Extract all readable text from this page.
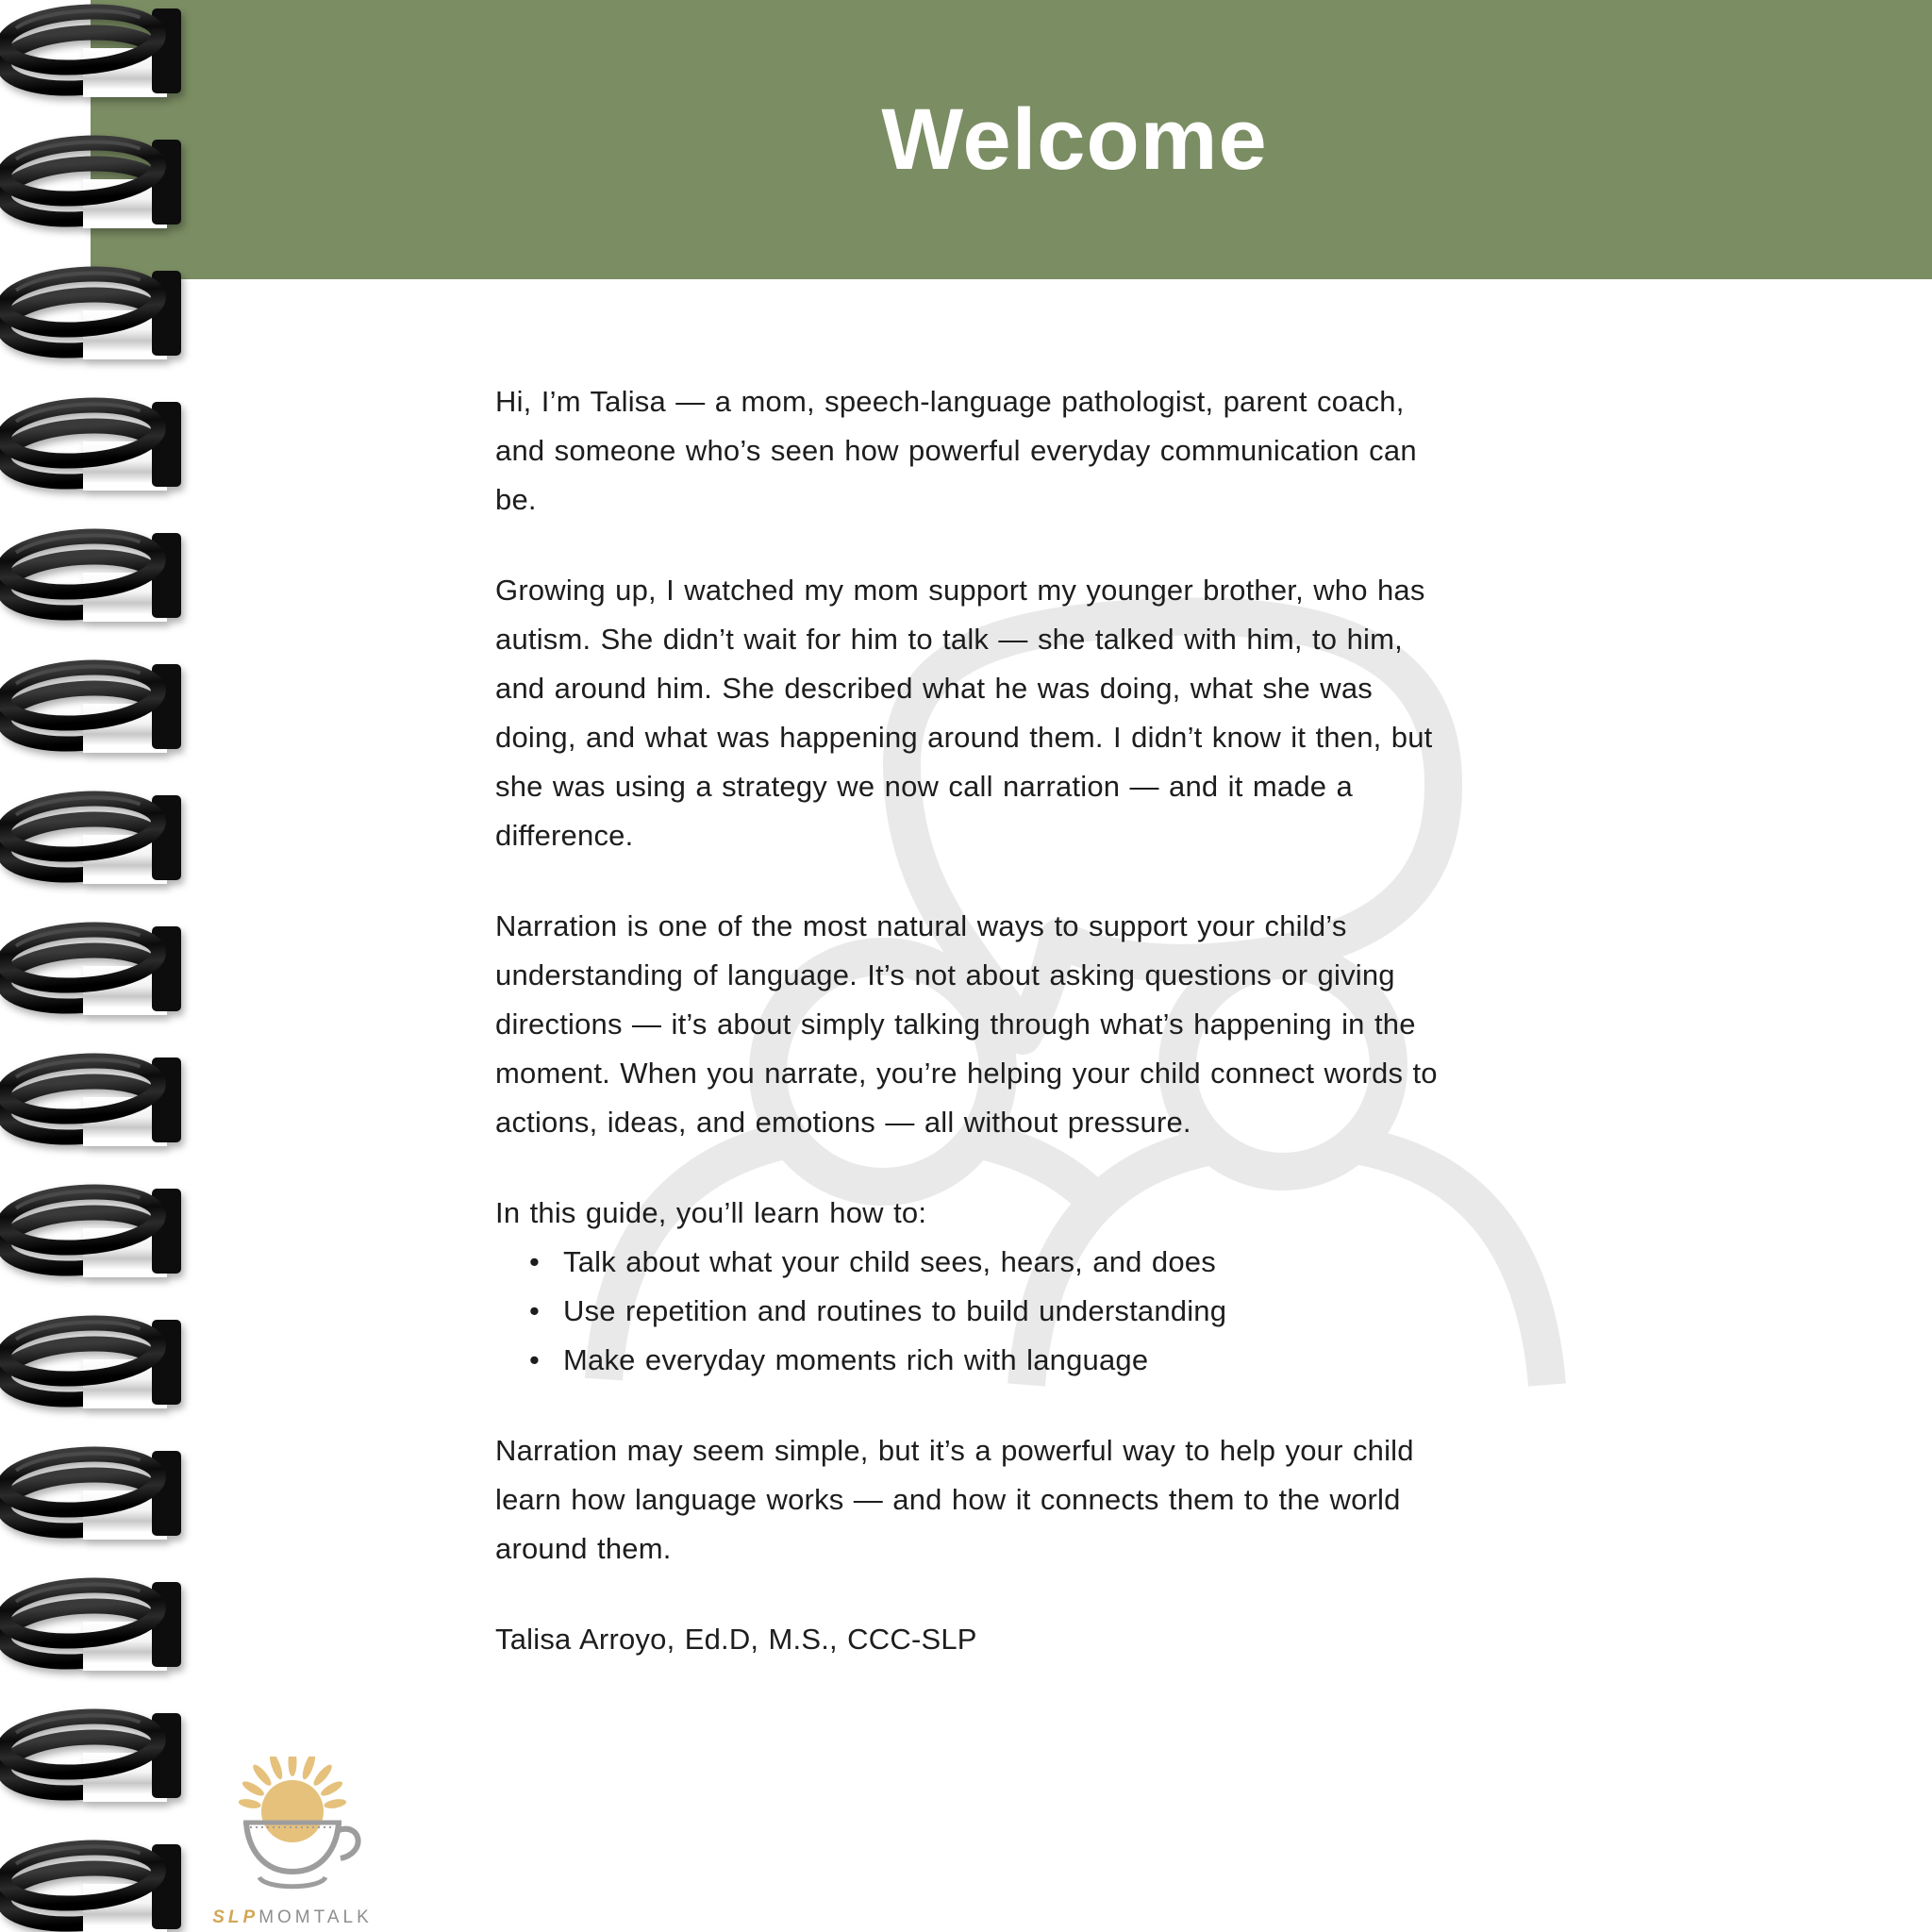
Welcome

Hi, I’m Talisa — a mom, speech-language pathologist, parent coach, and someone who’s seen how powerful everyday communication can be.

Growing up, I watched my mom support my younger brother, who has autism. She didn’t wait for him to talk — she talked with him, to him, and around him. She described what he was doing, what she was doing, and what was happening around them. I didn’t know it then, but she was using a strategy we now call narration — and it made a difference.

Narration is one of the most natural ways to support your child’s understanding of language. It’s not about asking questions or giving directions — it’s about simply talking through what’s happening in the moment. When you narrate, you’re helping your child connect words to actions, ideas, and emotions — all without pressure.

In this guide, you’ll learn how to:

• Talk about what your child sees, hears, and does
• Use repetition and routines to build understanding
• Make everyday moments rich with language

Narration may seem simple, but it’s a powerful way to help your child learn how language works — and how it connects them to the world around them.

Talisa Arroyo, Ed.D, M.S., CCC-SLP

SLPMOMTALK
